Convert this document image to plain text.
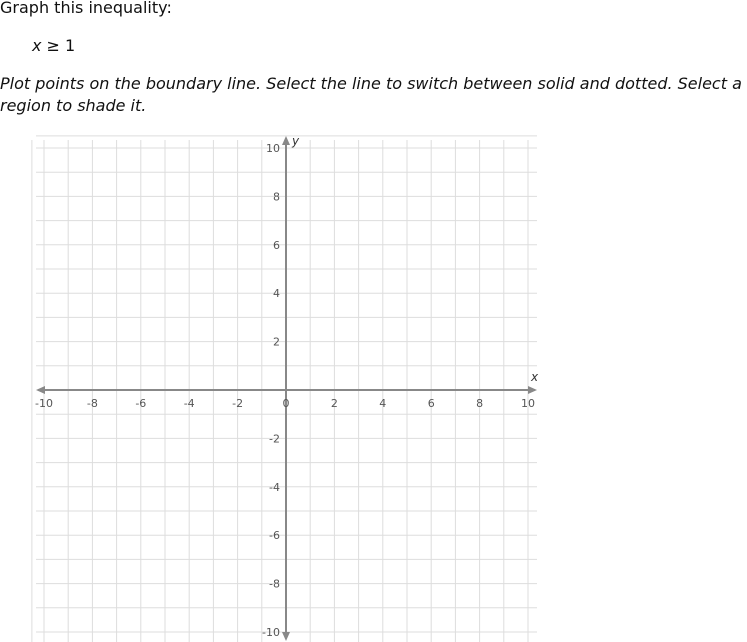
Graph this inequality:
x ≥ 1
Plot points on the boundary line. Select the line to switch between solid and dotted. Select a
region to shade it.
-10	-8	-6	-4	-2	0	2	4	6	8	10
10
8
6
4
2
-2
-4
-6
-8
-10
x
y
